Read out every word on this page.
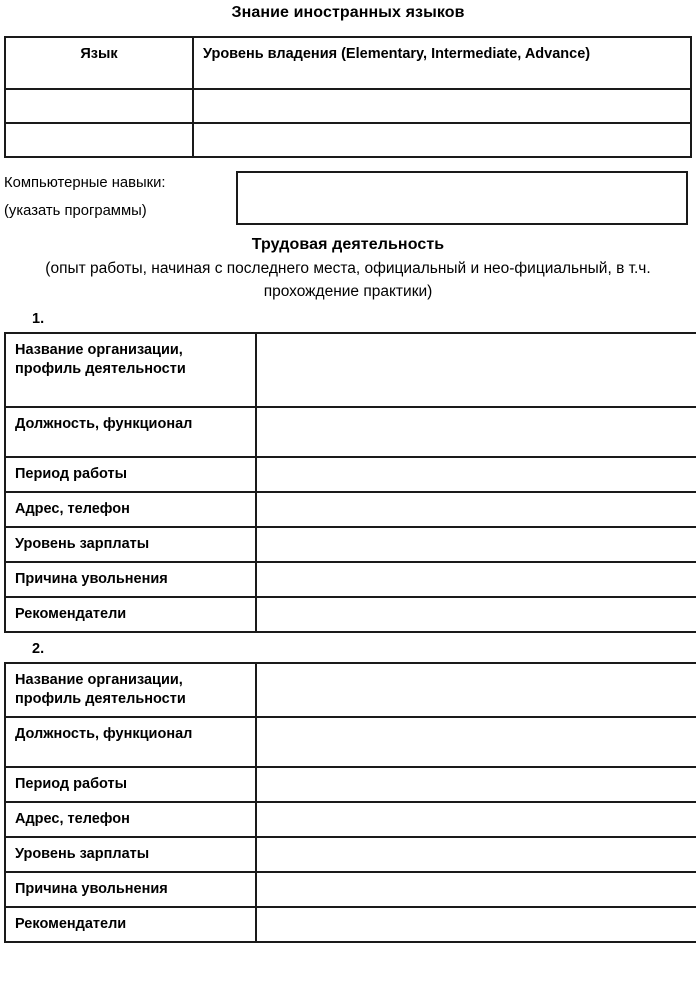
Знание иностранных языков
Язык	Уровень владения (Elementary, Intermediate, Advance)

Компьютерные навыки:
(указать программы)
Трудовая деятельность
(опыт работы, начиная с последнего места, официальный и нео-фициальный, в т.ч. прохождение практики)
1.
Название организации, профиль деятельности	
Должность, функционал	
Период работы	
Адрес, телефон	
Уровень зарплаты	
Причина увольнения	
Рекомендатели	
2.
Название организации, профиль деятельности	
Должность, функционал	
Период работы	
Адрес, телефон	
Уровень зарплаты	
Причина увольнения	
Рекомендатели	
